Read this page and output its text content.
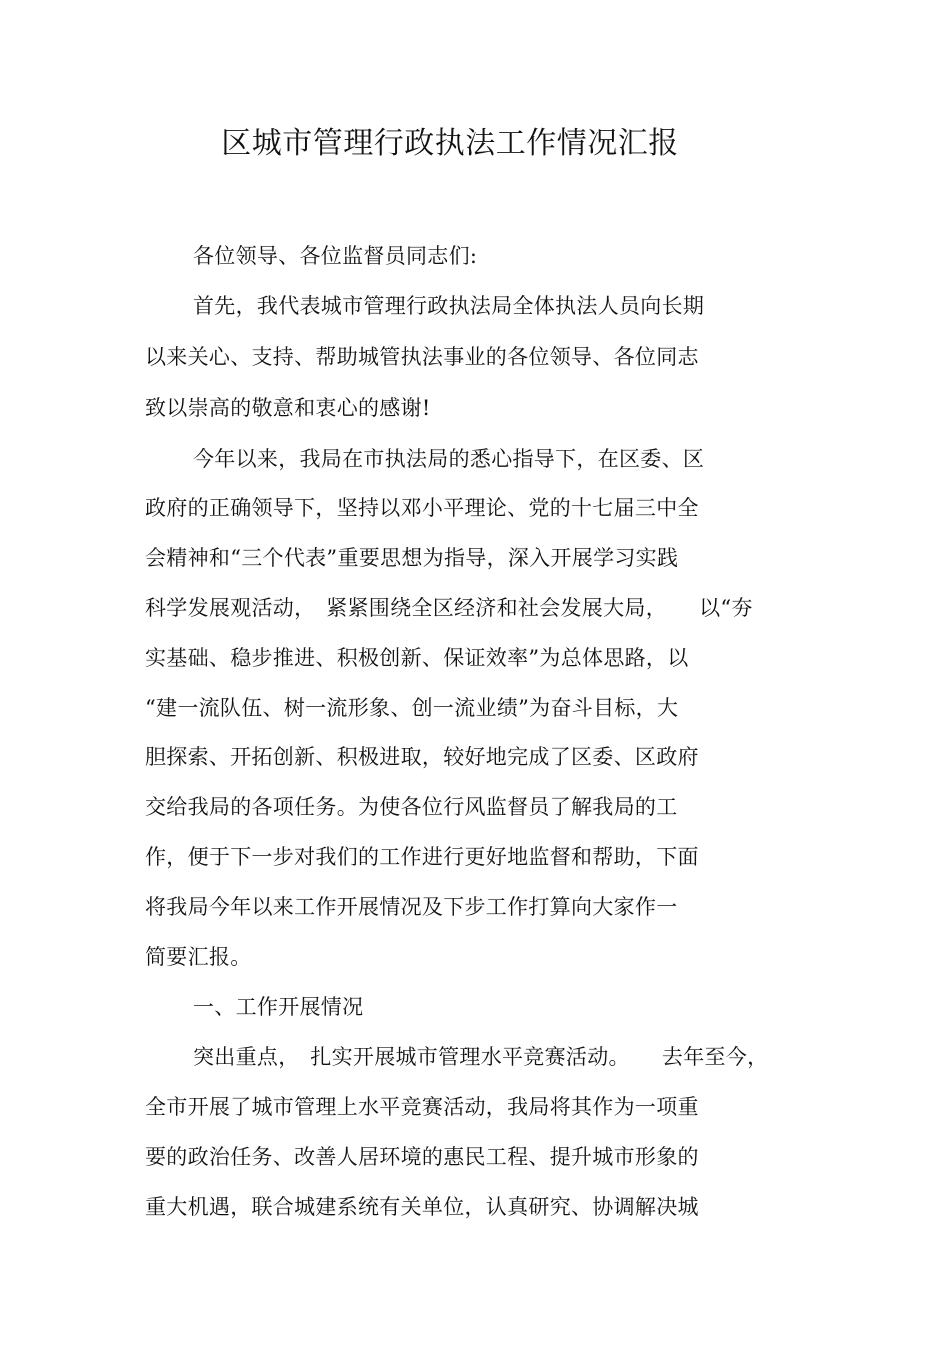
区城市管理行政执法工作情况汇报
各位领导、各位监督员同志们:
首先，我代表城市管理行政执法局全体执法人员向长期
以来关心、支持、帮助城管执法事业的各位领导、各位同志
致以崇高的敬意和衷心的感谢!
今年以来，我局在市执法局的悉心指导下，在区委、区
政府的正确领导下，坚持以邓小平理论、党的十七届三中全
会精神和“三个代表”重要思想为指导，深入开展学习实践
科学发展观活动，　紧紧围绕全区经济和社会发展大局，　　以“夯
实基础、稳步推进、积极创新、保证效率”为总体思路，以
“建一流队伍、树一流形象、创一流业绩”为奋斗目标，大
胆探索、开拓创新、积极进取，较好地完成了区委、区政府
交给我局的各项任务。为使各位行风监督员了解我局的工
作，便于下一步对我们的工作进行更好地监督和帮助，下面
将我局今年以来工作开展情况及下步工作打算向大家作一
简要汇报。
一、工作开展情况
突出重点，　扎实开展城市管理水平竞赛活动。　　去年至今，
全市开展了城市管理上水平竞赛活动，我局将其作为一项重
要的政治任务、改善人居环境的惠民工程、提升城市形象的
重大机遇，联合城建系统有关单位，认真研究、协调解决城
